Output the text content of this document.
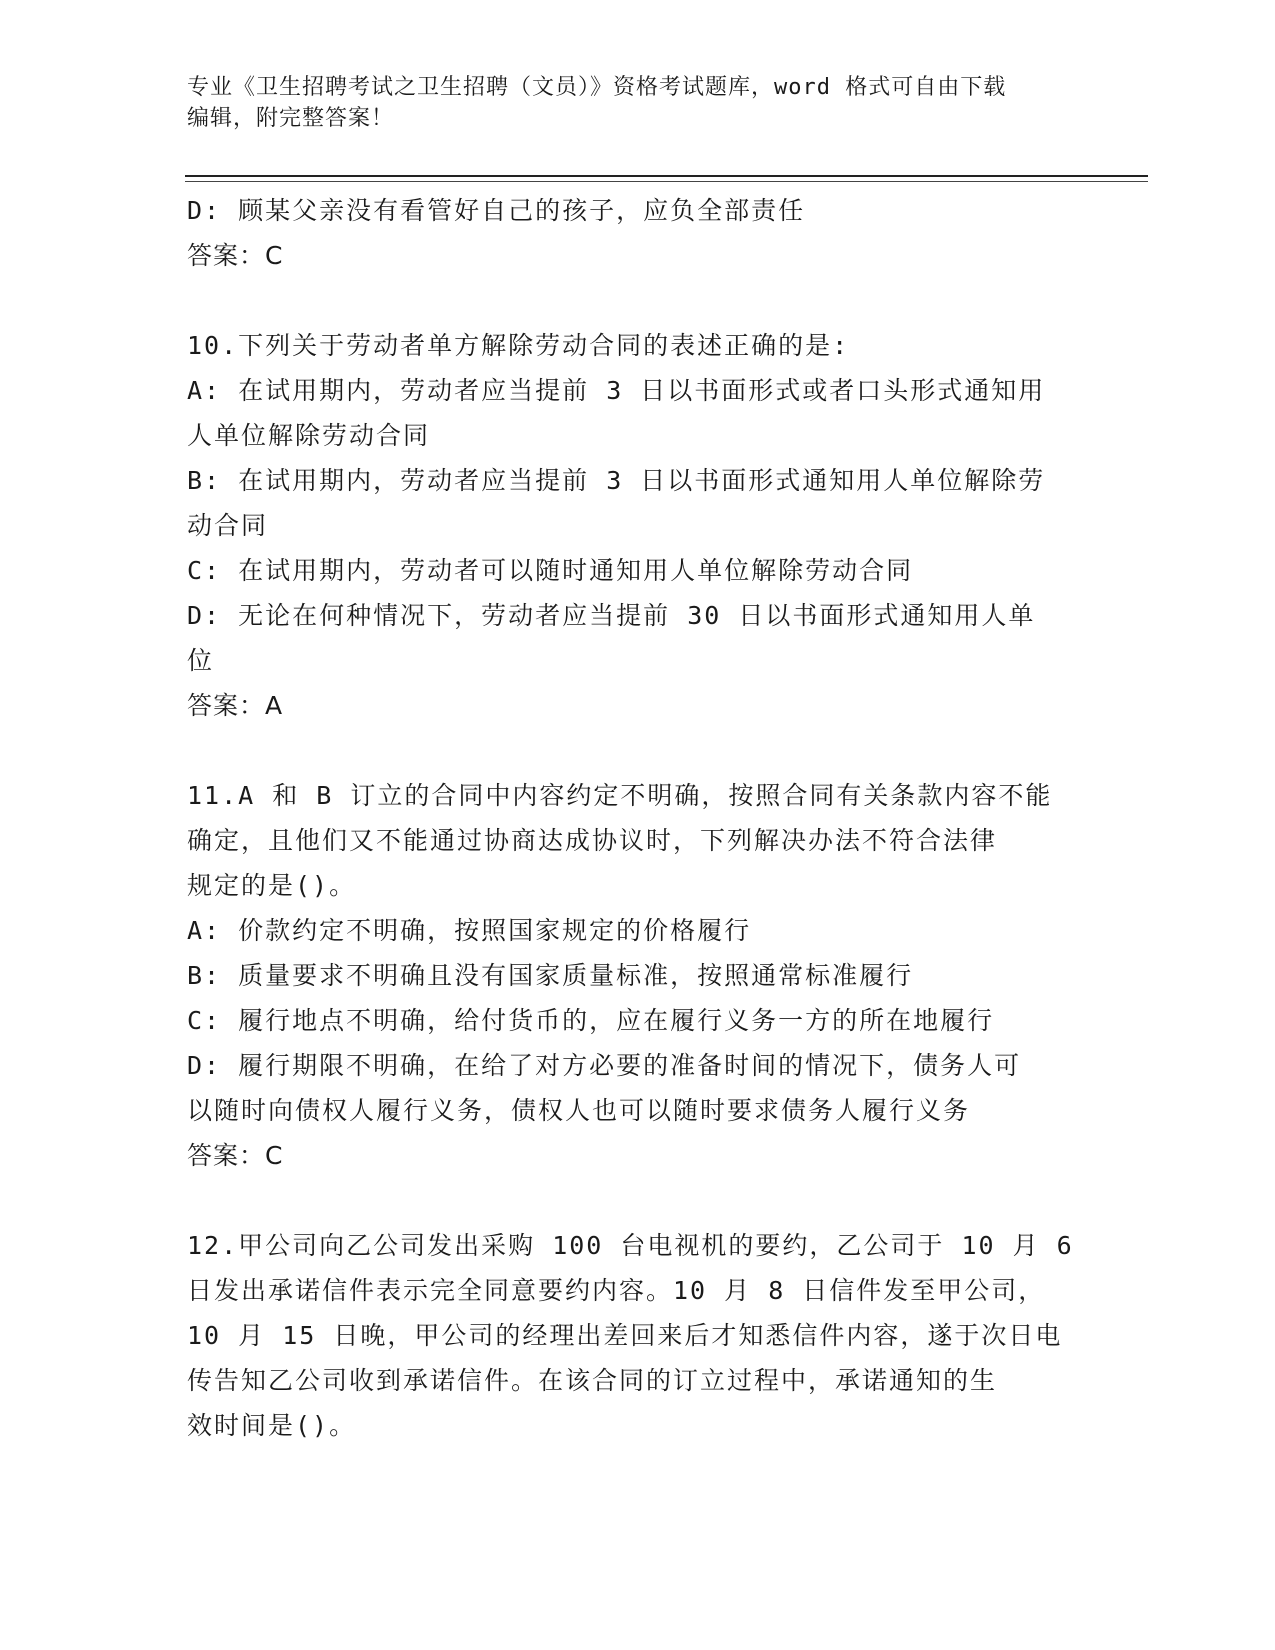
专业《卫生招聘考试之卫生招聘（文员）》资格考试题库，word 格式可自由下载
编辑，附完整答案！

D: 顾某父亲没有看管好自己的孩子，应负全部责任

答案：C

10.下列关于劳动者单方解除劳动合同的表述正确的是:

A: 在试用期内，劳动者应当提前 3 日以书面形式或者口头形式通知用

人单位解除劳动合同

B: 在试用期内，劳动者应当提前 3 日以书面形式通知用人单位解除劳

动合同

C: 在试用期内，劳动者可以随时通知用人单位解除劳动合同

D: 无论在何种情况下，劳动者应当提前 30 日以书面形式通知用人单

位

答案：A

11.A 和 B 订立的合同中内容约定不明确，按照合同有关条款内容不能

确定，且他们又不能通过协商达成协议时，下列解决办法不符合法律

规定的是()。

A: 价款约定不明确，按照国家规定的价格履行

B: 质量要求不明确且没有国家质量标准，按照通常标准履行

C: 履行地点不明确，给付货币的，应在履行义务一方的所在地履行

D: 履行期限不明确，在给了对方必要的准备时间的情况下，债务人可

以随时向债权人履行义务，债权人也可以随时要求债务人履行义务

答案：C

12.甲公司向乙公司发出采购 100 台电视机的要约，乙公司于 10 月 6

日发出承诺信件表示完全同意要约内容。10 月 8 日信件发至甲公司，

10 月 15 日晚，甲公司的经理出差回来后才知悉信件内容，遂于次日电

传告知乙公司收到承诺信件。在该合同的订立过程中，承诺通知的生

效时间是()。
